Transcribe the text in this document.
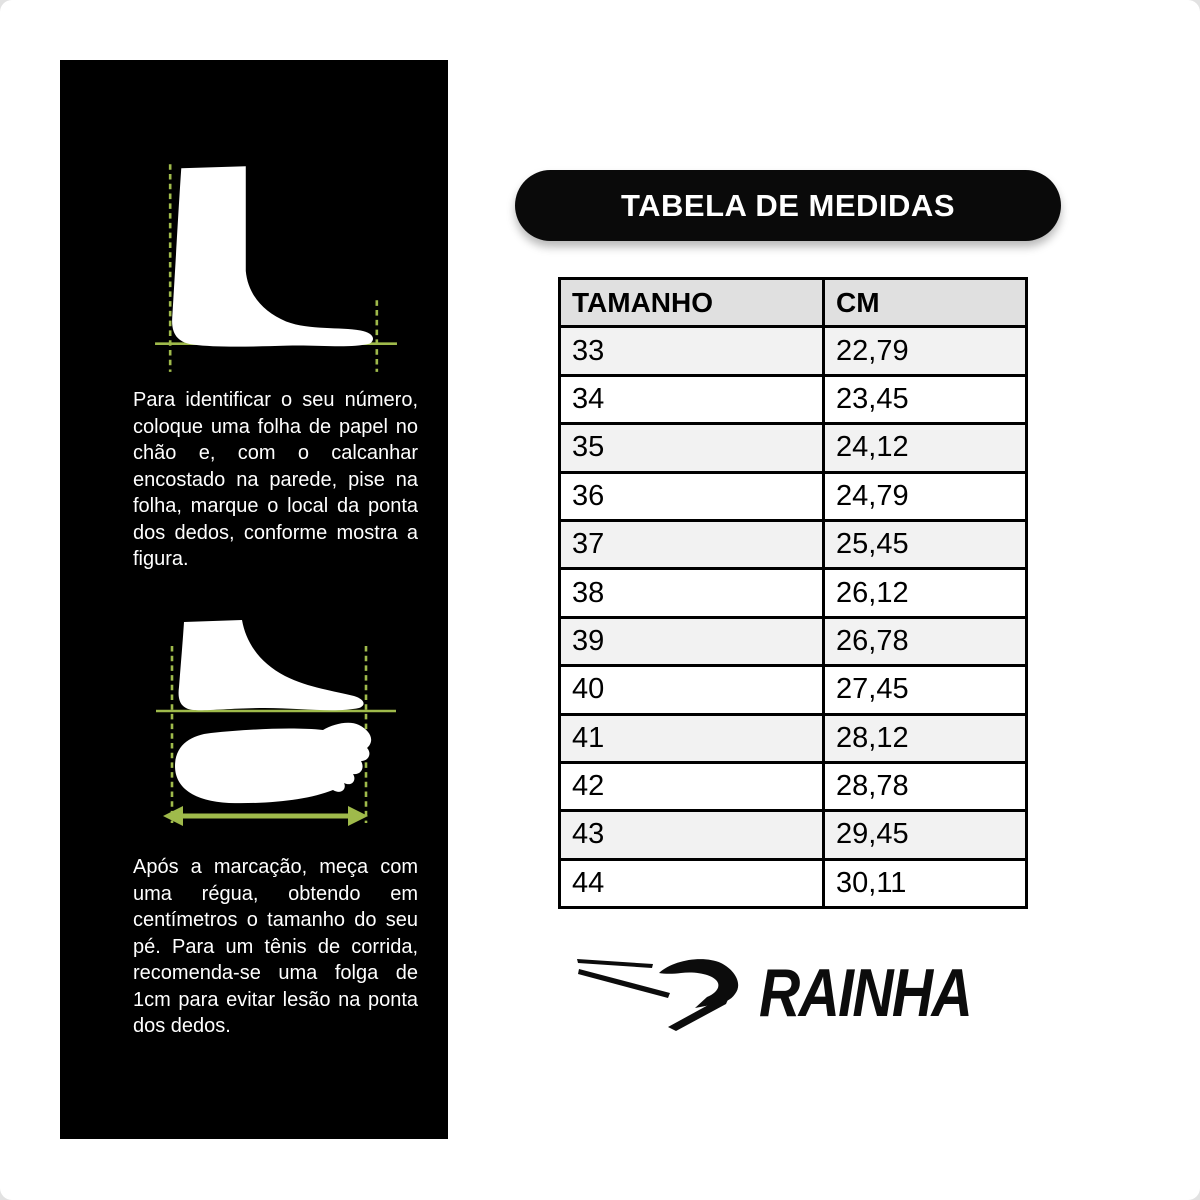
Para identificar o seu número, coloque uma folha de papel no chão e, com o calcanhar encostado na parede, pise na folha, marque o local da ponta dos dedos, conforme mostra a figura.

Após a marcação, meça com uma régua, obtendo em centímetros o tamanho do seu pé. Para um tênis de corrida, recomenda-se uma folga de 1cm para evitar lesão na ponta dos dedos.

TABELA DE MEDIDAS
TAMANHO	CM
33	22,79
34	23,45
35	24,12
36	24,79
37	25,45
38	26,12
39	26,78
40	27,45
41	28,12
42	28,78
43	29,45
44	30,11
RAINHA
